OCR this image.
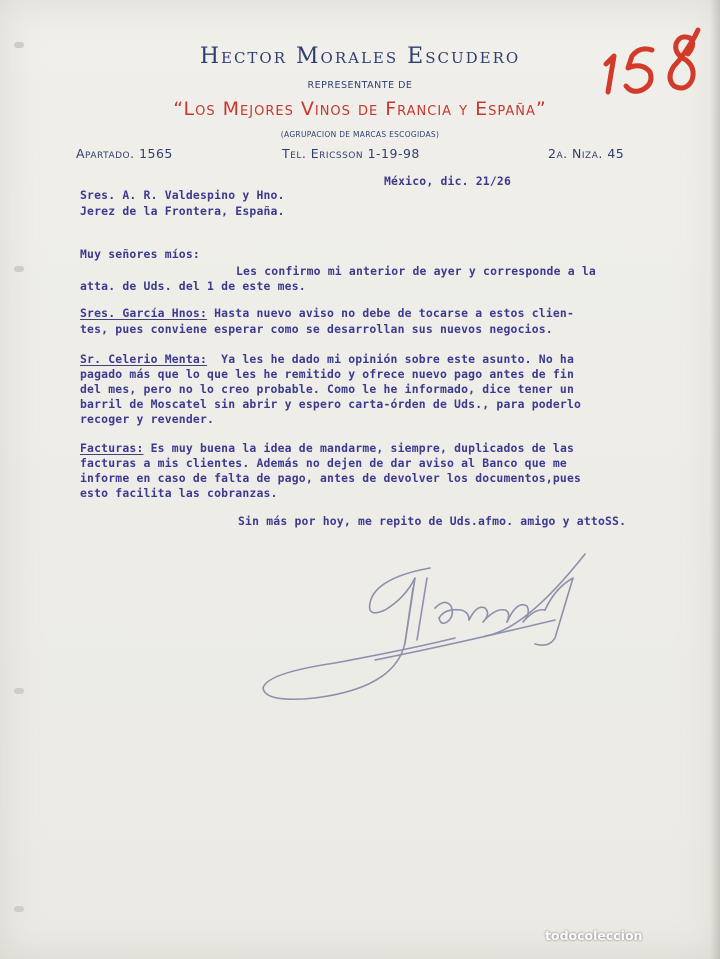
Hector Morales Escudero
REPRESENTANTE DE
“Los Mejores Vinos de Francia y España”
(AGRUPACION DE MARCAS ESCOGIDAS)
Apartado. 1565	Tel. Ericsson 1-19-98	2a. Niza. 45
México, dic. 21/26
Sres. A. R. Valdespino y Hno.
Jerez de la Frontera, España.
Muy señores míos:
Les confirmo mi anterior de ayer y corresponde a la
atta. de Uds. del 1 de este mes.
Sres. García Hnos: Hasta nuevo aviso no debe de tocarse a estos clien-
tes, pues conviene esperar como se desarrollan sus nuevos negocios.
Sr. Celerio Menta:  Ya les he dado mi opinión sobre este asunto. No ha
pagado más que lo que les he remitido y ofrece nuevo pago antes de fin
del mes, pero no lo creo probable. Como le he informado, dice tener un
barril de Moscatel sin abrir y espero carta-órden de Uds., para poderlo
recoger y revender.
Facturas: Es muy buena la idea de mandarme, siempre, duplicados de las
facturas a mis clientes. Además no dejen de dar aviso al Banco que me
informe en caso de falta de pago, antes de devolver los documentos,pues
esto facilita las cobranzas.
Sin más por hoy, me repito de Uds.afmo. amigo y attoSS.
todocoleccion
